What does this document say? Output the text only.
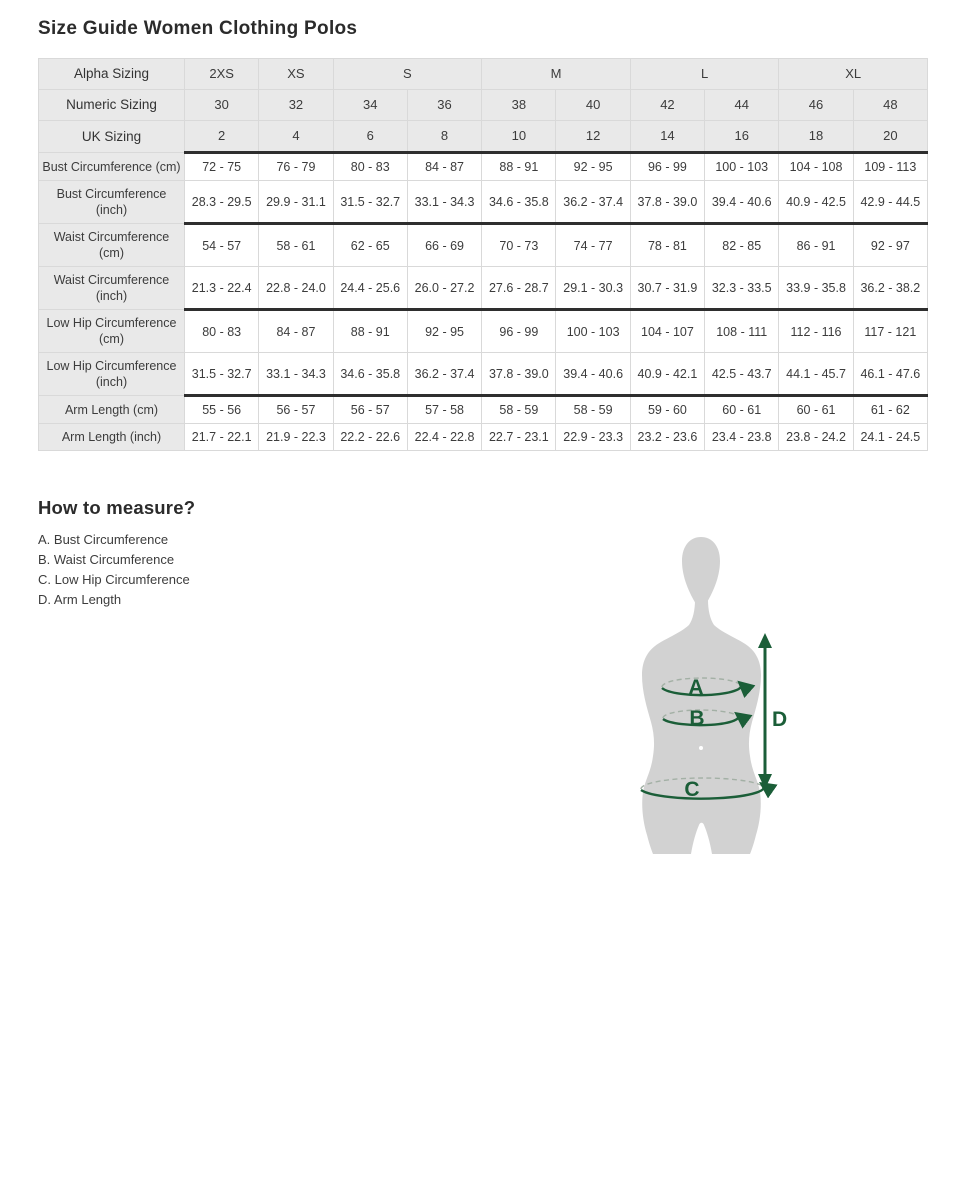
Size Guide Women Clothing Polos
Alpha Sizing	2XS	XS	S		M		L		XL	
Numeric Sizing	30	32	34	36	38	40	42	44	46	48
UK Sizing	2	4	6	8	10	12	14	16	18	20
Bust Circumference (cm)	72 - 75	76 - 79	80 - 83	84 - 87	88 - 91	92 - 95	96 - 99	100 - 103	104 - 108	109 - 113
Bust Circumference (inch)	28.3 - 29.5	29.9 - 31.1	31.5 - 32.7	33.1 - 34.3	34.6 - 35.8	36.2 - 37.4	37.8 - 39.0	39.4 - 40.6	40.9 - 42.5	42.9 - 44.5
Waist Circumference (cm)	54 - 57	58 - 61	62 - 65	66 - 69	70 - 73	74 - 77	78 - 81	82 - 85	86 - 91	92 - 97
Waist Circumference (inch)	21.3 - 22.4	22.8 - 24.0	24.4 - 25.6	26.0 - 27.2	27.6 - 28.7	29.1 - 30.3	30.7 - 31.9	32.3 - 33.5	33.9 - 35.8	36.2 - 38.2
Low Hip Circumference (cm)	80 - 83	84 - 87	88 - 91	92 - 95	96 - 99	100 - 103	104 - 107	108 - 111	112 - 116	117 - 121
Low Hip Circumference (inch)	31.5 - 32.7	33.1 - 34.3	34.6 - 35.8	36.2 - 37.4	37.8 - 39.0	39.4 - 40.6	40.9 - 42.1	42.5 - 43.7	44.1 - 45.7	46.1 - 47.6
Arm Length (cm)	55 - 56	56 - 57	56 - 57	57 - 58	58 - 59	58 - 59	59 - 60	60 - 61	60 - 61	61 - 62
Arm Length (inch)	21.7 - 22.1	21.9 - 22.3	22.2 - 22.6	22.4 - 22.8	22.7 - 23.1	22.9 - 23.3	23.2 - 23.6	23.4 - 23.8	23.8 - 24.2	24.1 - 24.5
How to measure?
A. Bust Circumference
B. Waist Circumference
C. Low Hip Circumference
D. Arm Length
A
B
C
D
